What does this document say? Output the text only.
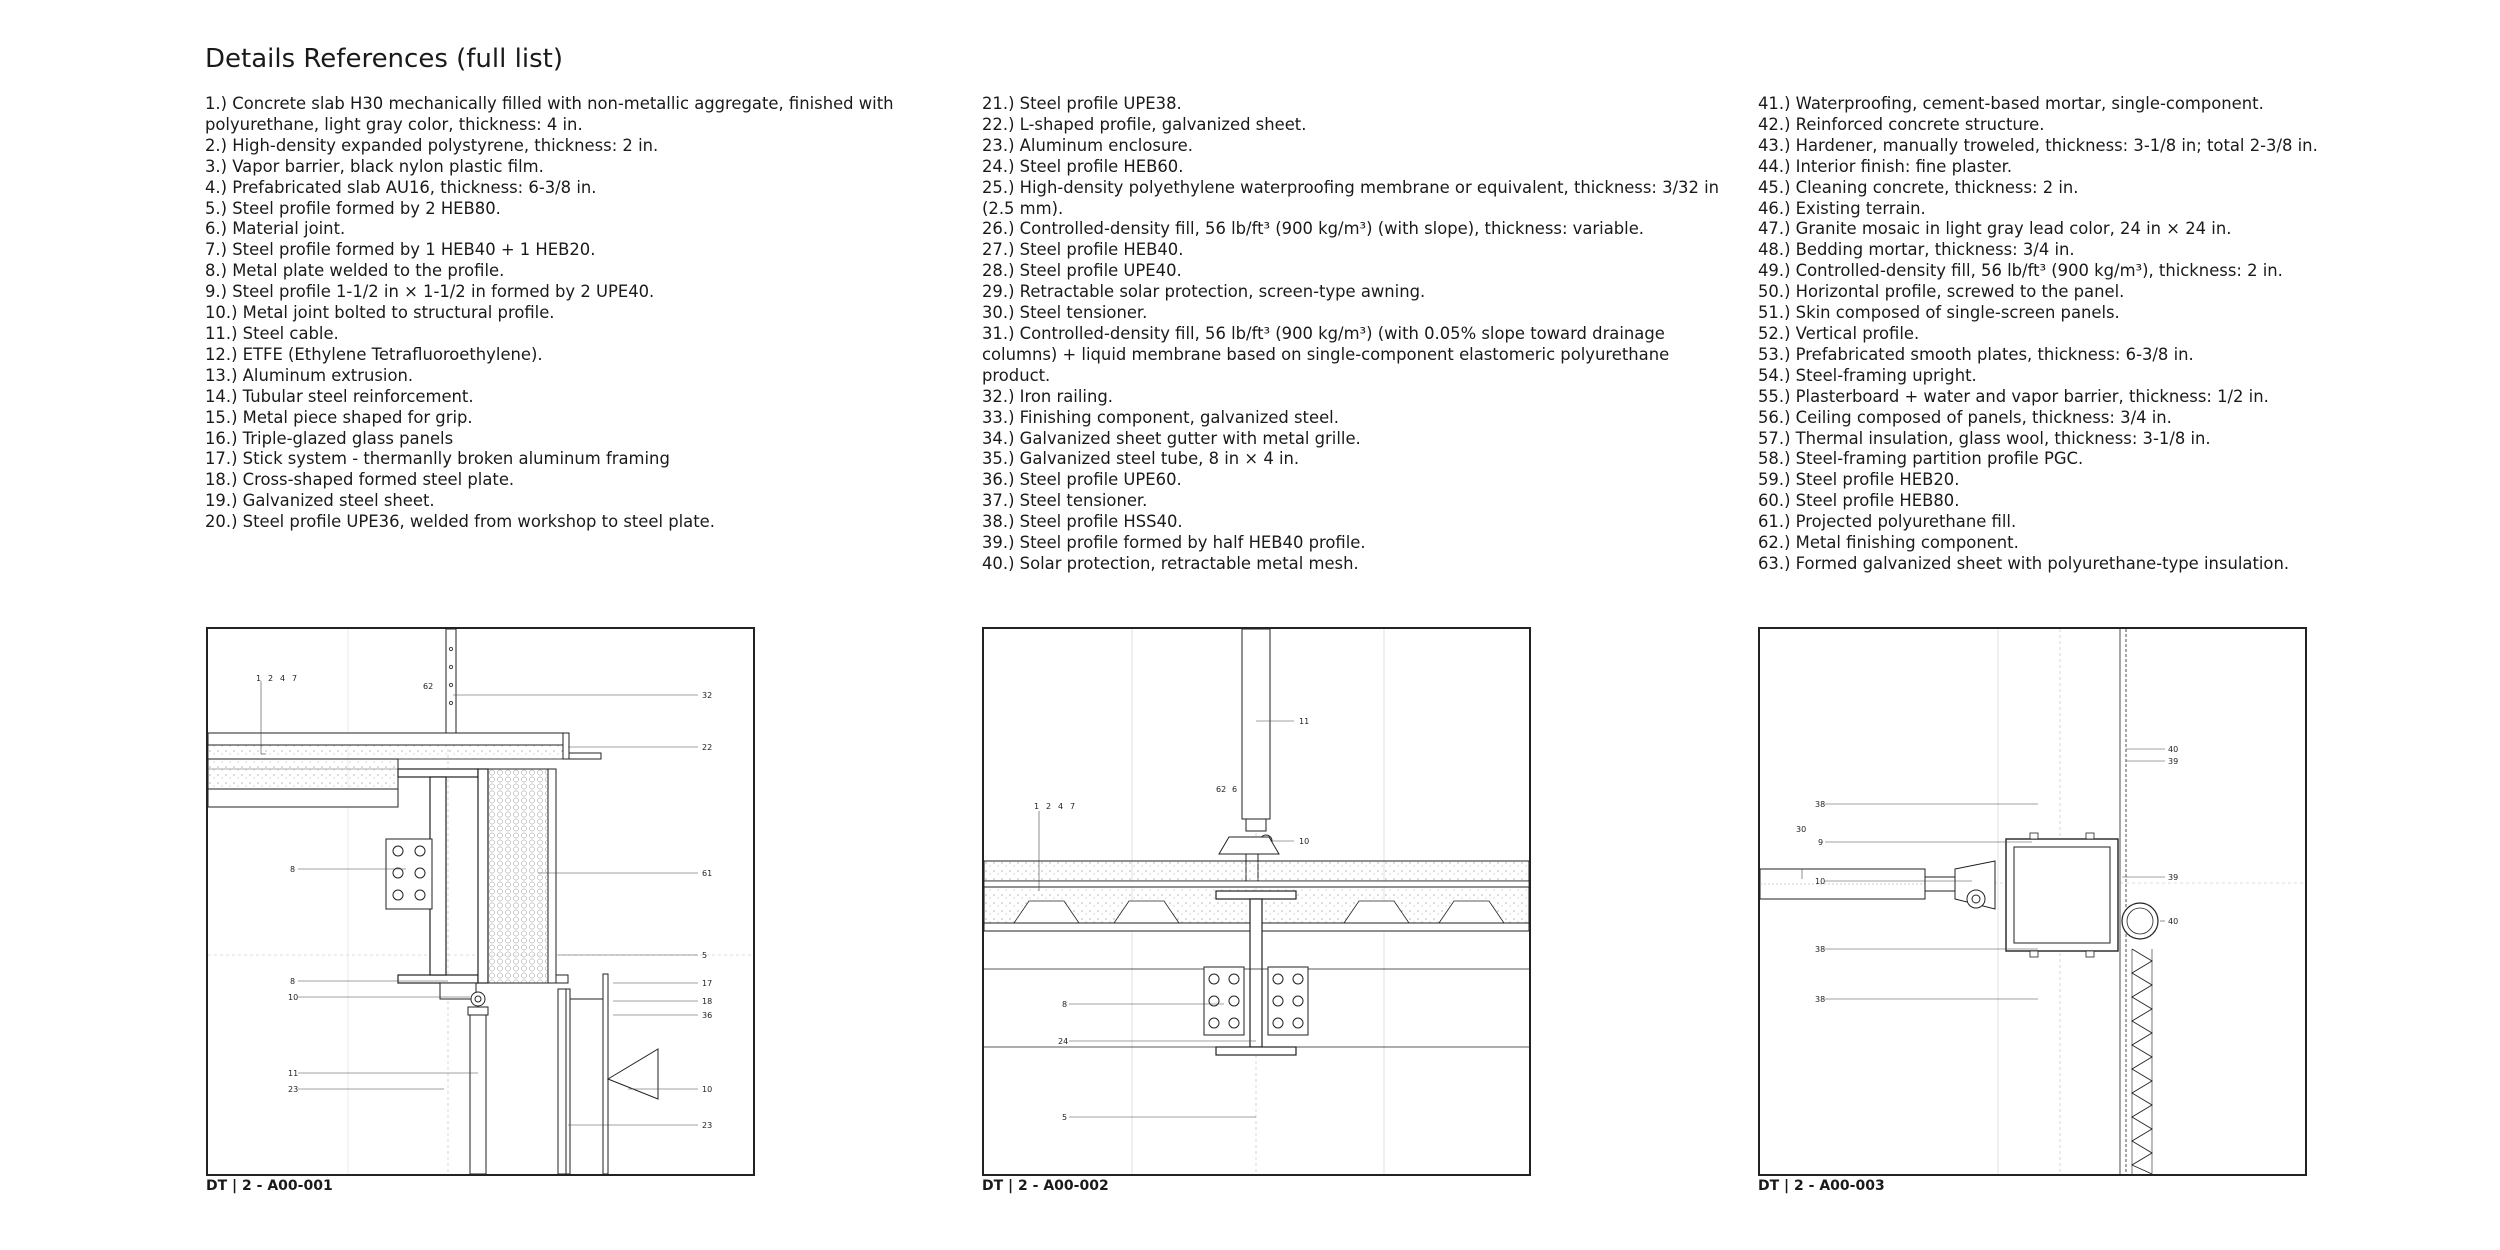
Details References (full list)
1.) Concrete slab H30 mechanically filled with non-metallic aggregate, finished with polyurethane, light gray color, thickness: 4 in.
2.) High-density expanded polystyrene, thickness: 2 in.
3.) Vapor barrier, black nylon plastic film.
4.) Prefabricated slab AU16, thickness: 6-3/8 in.
5.) Steel profile formed by 2 HEB80.
6.) Material joint.
7.) Steel profile formed by 1 HEB40 + 1 HEB20.
8.) Metal plate welded to the profile.
9.) Steel profile 1-1/2 in × 1-1/2 in formed by 2 UPE40.
10.) Metal joint bolted to structural profile.
11.) Steel cable.
12.) ETFE (Ethylene Tetrafluoroethylene).
13.) Aluminum extrusion.
14.) Tubular steel reinforcement.
15.) Metal piece shaped for grip.
16.) Triple-glazed glass panels
17.) Stick system - thermanlly broken aluminum framing
18.) Cross-shaped formed steel plate.
19.) Galvanized steel sheet.
20.) Steel profile UPE36, welded from workshop to steel plate.
21.) Steel profile UPE38.
22.) L-shaped profile, galvanized sheet.
23.) Aluminum enclosure.
24.) Steel profile HEB60.
25.) High-density polyethylene waterproofing membrane or equivalent, thickness: 3/32 in (2.5 mm).
26.) Controlled-density fill, 56 lb/ft³ (900 kg/m³) (with slope), thickness: variable.
27.) Steel profile HEB40.
28.) Steel profile UPE40.
29.) Retractable solar protection, screen-type awning.
30.) Steel tensioner.
31.) Controlled-density fill, 56 lb/ft³ (900 kg/m³) (with 0.05% slope toward drainage columns) + liquid membrane based on single-component elastomeric polyurethane product.
32.) Iron railing.
33.) Finishing component, galvanized steel.
34.) Galvanized sheet gutter with metal grille.
35.) Galvanized steel tube, 8 in × 4 in.
36.) Steel profile UPE60.
37.) Steel tensioner.
38.) Steel profile HSS40.
39.) Steel profile formed by half HEB40 profile.
40.) Solar protection, retractable metal mesh.
41.) Waterproofing, cement-based mortar, single-component.
42.) Reinforced concrete structure.
43.) Hardener, manually troweled, thickness: 3-1/8 in; total 2-3/8 in.
44.) Interior finish: fine plaster.
45.) Cleaning concrete, thickness: 2 in.
46.) Existing terrain.
47.) Granite mosaic in light gray lead color, 24 in × 24 in.
48.) Bedding mortar, thickness: 3/4 in.
49.) Controlled-density fill, 56 lb/ft³ (900 kg/m³), thickness: 2 in.
50.) Horizontal profile, screwed to the panel.
51.) Skin composed of single-screen panels.
52.) Vertical profile.
53.) Prefabricated smooth plates, thickness: 6-3/8 in.
54.) Steel-framing upright.
55.) Plasterboard + water and vapor barrier, thickness: 1/2 in.
56.) Ceiling composed of panels, thickness: 3/4 in.
57.) Thermal insulation, glass wool, thickness: 3-1/8 in.
58.) Steel-framing partition profile PGC.
59.) Steel profile HEB20.
60.) Steel profile HEB80.
61.) Projected polyurethane fill.
62.) Metal finishing component.
63.) Formed galvanized sheet with polyurethane-type insulation.
1 2 4 7
62
32
22
8	61
5
8
10
17
18
36
11
23	10
23
11
62 6
10
1 2 4 7
8
24
5
40
39
38
30
9
10	39
40
38
38
DT | 2 - A00-001	DT | 2 - A00-002	DT | 2 - A00-003
